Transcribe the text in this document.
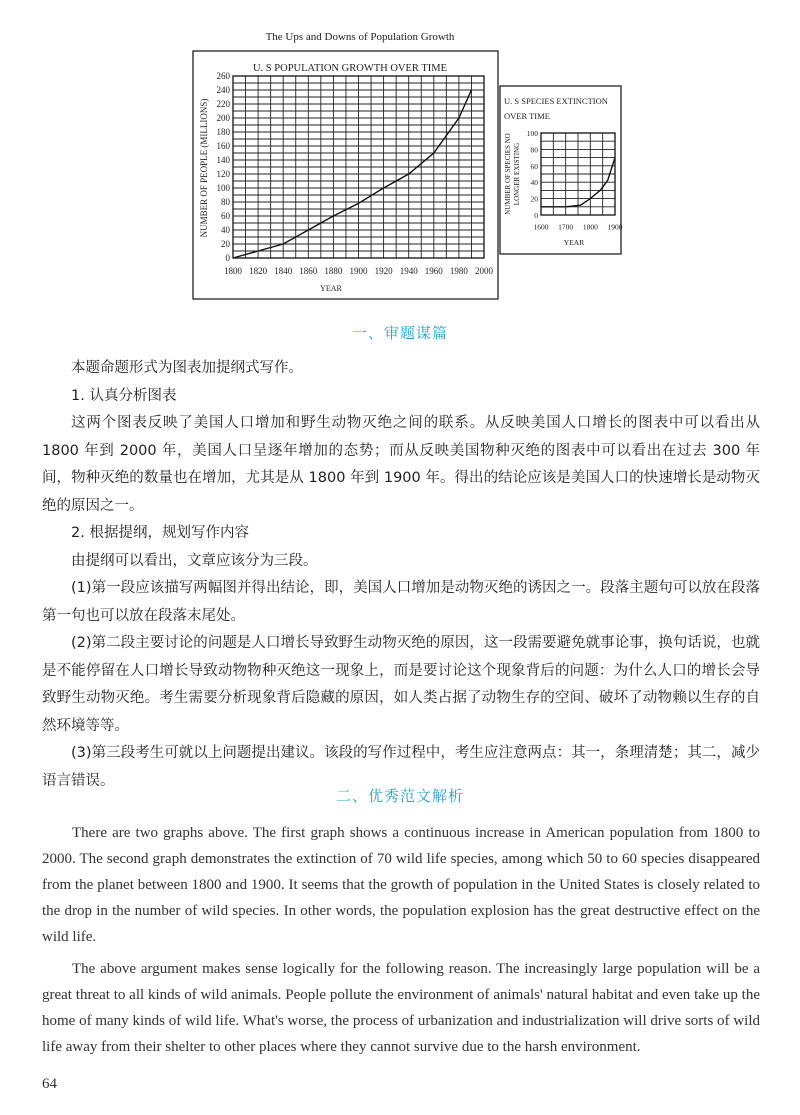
The Ups and Downs of Population Growth
U. S POPULATION GROWTH OVER TIME
0
20
40
60
80
100
120
140
160
180
200
220
240
260
1800 1820 1840 1860 1880 1900 1920 1940 1960 1980 2000
NUMBER OF PEOPLE (MILLIONS)
YEAR
U. S SPECIES EXTINCTION OVER TIME
0
20
40
60
80
100
1600 1700 1800 1900
NUMBER OF SPECIES NO LONGER EXISTING
YEAR
一、审题谋篇

本题命题形式为图表加提纲式写作。

1. 认真分析图表

这两个图表反映了美国人口增加和野生动物灭绝之间的联系。从反映美国人口增长的图表中可以看出从 1800 年到 2000 年，美国人口呈逐年增加的态势；而从反映美国物种灭绝的图表中可以看出在过去 300 年间，物种灭绝的数量也在增加，尤其是从 1800 年到 1900 年。得出的结论应该是美国人口的快速增长是动物灭绝的原因之一。

2. 根据提纲，规划写作内容

由提纲可以看出，文章应该分为三段。

(1)第一段应该描写两幅图并得出结论，即，美国人口增加是动物灭绝的诱因之一。段落主题句可以放在段落第一句也可以放在段落末尾处。

(2)第二段主要讨论的问题是人口增长导致野生动物灭绝的原因，这一段需要避免就事论事，换句话说，也就是不能停留在人口增长导致动物物种灭绝这一现象上，而是要讨论这个现象背后的问题：为什么人口的增长会导致野生动物灭绝。考生需要分析现象背后隐藏的原因，如人类占据了动物生存的空间、破坏了动物赖以生存的自然环境等等。

(3)第三段考生可就以上问题提出建议。该段的写作过程中，考生应注意两点：其一，条理清楚；其二，减少语言错误。

二、优秀范文解析

There are two graphs above. The first graph shows a continuous increase in American population from 1800 to 2000. The second graph demonstrates the extinction of 70 wild life species, among which 50 to 60 species disappeared from the planet between 1800 and 1900. It seems that the growth of population in the United States is closely related to the drop in the number of wild species. In other words, the population explosion has the great destructive effect on the wild life.

The above argument makes sense logically for the following reason. The increasingly large population will be a great threat to all kinds of wild animals. People pollute the environment of animals' natural habitat and even take up the home of many kinds of wild life. What's worse, the process of urbanization and industrialization will drive sorts of wild life away from their shelter to other places where they cannot survive due to the harsh environment.

64
